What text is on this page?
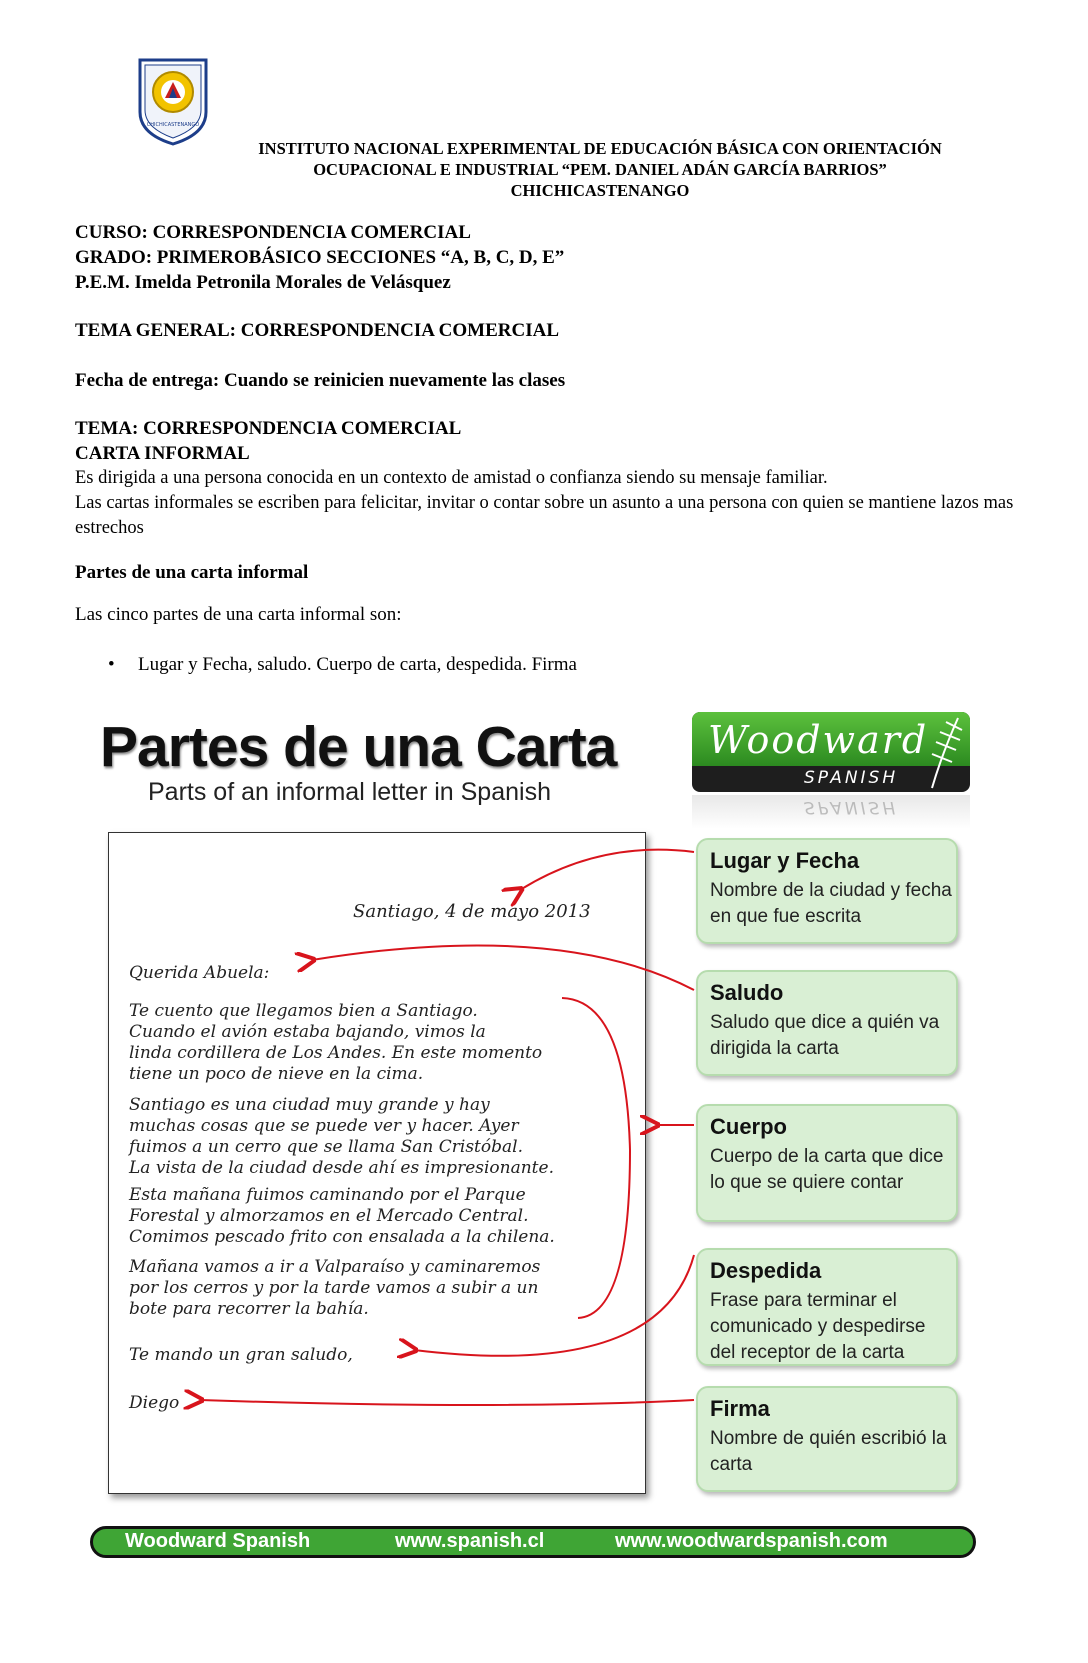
CHICHICASTENANGO
INSTITUTO NACIONAL EXPERIMENTAL DE EDUCACIÓN BÁSICA CON ORIENTACIÓN
OCUPACIONAL E INDUSTRIAL “PEM. DANIEL ADÁN GARCÍA BARRIOS”
CHICHICASTENANGO
CURSO: CORRESPONDENCIA COMERCIAL
GRADO: PRIMEROBÁSICO SECCIONES “A, B, C, D, E”
P.E.M. Imelda Petronila Morales de Velásquez
TEMA GENERAL: CORRESPONDENCIA COMERCIAL
Fecha de entrega: Cuando se reinicien nuevamente las clases
TEMA: CORRESPONDENCIA COMERCIAL
CARTA INFORMAL
Es dirigida a una persona conocida en un contexto de amistad o confianza siendo su mensaje familiar.
Las cartas informales se escriben para felicitar, invitar o contar sobre un asunto a una persona con quien se mantiene lazos mas estrechos
Partes de una carta informal
Las cinco partes de una carta informal son:
• Lugar y Fecha, saludo. Cuerpo de carta, despedida. Firma
Partes de una Carta
Parts of an informal letter in Spanish
Woodward
SPANISH
SPANISH
Santiago, 4 de mayo 2013
Querida Abuela:
Te cuento que llegamos bien a Santiago.
Cuando el avión estaba bajando, vimos la
linda cordillera de Los Andes. En este momento
tiene un poco de nieve en la cima.
Santiago es una ciudad muy grande y hay
muchas cosas que se puede ver y hacer. Ayer
fuimos a un cerro que se llama San Cristóbal.
La vista de la ciudad desde ahí es impresionante.
Esta mañana fuimos caminando por el Parque
Forestal y almorzamos en el Mercado Central.
Comimos pescado frito con ensalada a la chilena.
Mañana vamos a ir a Valparaíso y caminaremos
por los cerros y por la tarde vamos a subir a un
bote para recorrer la bahía.
Te mando un gran saludo,
Diego
Lugar y Fecha
Nombre de la ciudad y fecha en que fue escrita
Saludo
Saludo que dice a quién va dirigida la carta
Cuerpo
Cuerpo de la carta que dice lo que se quiere contar
Despedida
Frase para terminar el comunicado y despedirse del receptor de la carta
Firma
Nombre de quién escribió la carta
Woodward Spanish	www.spanish.cl	www.woodwardspanish.com
